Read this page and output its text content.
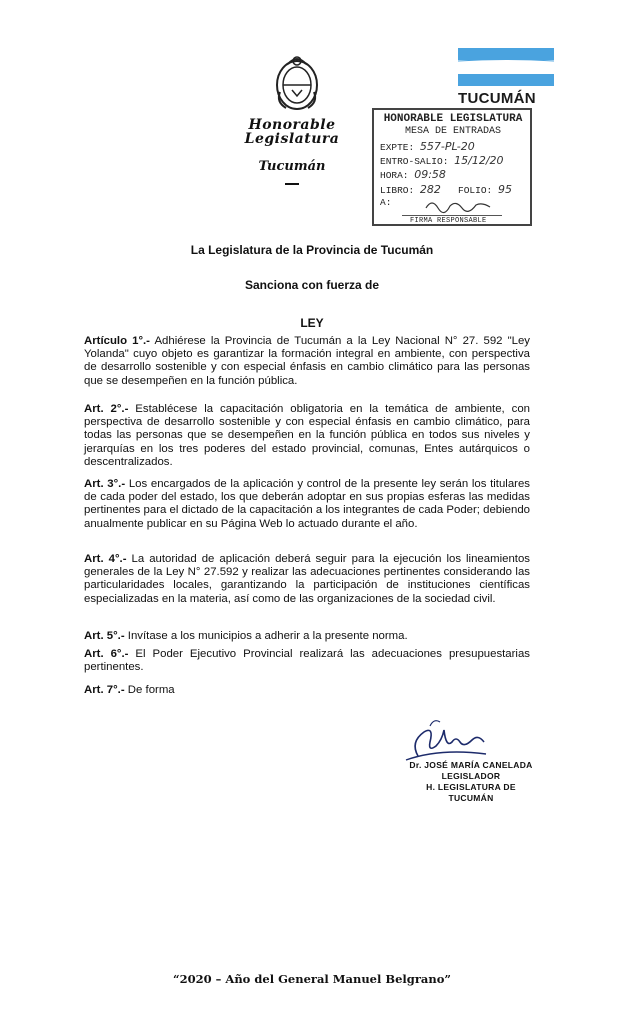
Honorable Legislatura
Tucumán
TUCUMÁN
HONORABLE LEGISLATURA
MESA DE ENTRADAS
EXPTE: 557-PL-20
ENTRO-SALIO: 15/12/20
HORA: 09:58
LIBRO: 282 FOLIO: 95
A:
FIRMA RESPONSABLE
La Legislatura de la Provincia de Tucumán
Sanciona con fuerza de
LEY
Artículo 1°.- Adhiérese la Provincia de Tucumán a la Ley Nacional N° 27. 592 "Ley Yolanda" cuyo objeto es garantizar la formación integral en ambiente, con perspectiva de desarrollo sostenible y con especial énfasis en cambio climático para las personas que se desempeñen en la función pública.
Art. 2°.- Establécese la capacitación obligatoria en la temática de ambiente, con perspectiva de desarrollo sostenible y con especial énfasis en cambio climático, para todas las personas que se desempeñen en la función pública en todos sus niveles y jerarquías en los tres poderes del estado provincial, comunas, Entes autárquicos o descentralizados.
Art. 3°.- Los encargados de la aplicación y control de la presente ley serán los titulares de cada poder del estado, los que deberán adoptar en sus propias esferas las medidas pertinentes para el dictado de la capacitación a los integrantes de cada Poder; debiendo anualmente publicar en su Página Web lo actuado durante el año.
Art. 4°.- La autoridad de aplicación deberá seguir para la ejecución los lineamientos generales de la Ley N° 27.592 y realizar las adecuaciones pertinentes considerando las particularidades locales, garantizando la participación de instituciones científicas especializadas en la materia, así como de las organizaciones de la sociedad civil.
Art. 5°.- Invítase a los municipios a adherir a la presente norma.
Art. 6°.- El Poder Ejecutivo Provincial realizará las adecuaciones presupuestarias pertinentes.
Art. 7°.- De forma
Dr. JOSÉ MARÍA CANELADA
LEGISLADOR
H. LEGISLATURA DE TUCUMÁN
“2020 – Año del General Manuel Belgrano”
